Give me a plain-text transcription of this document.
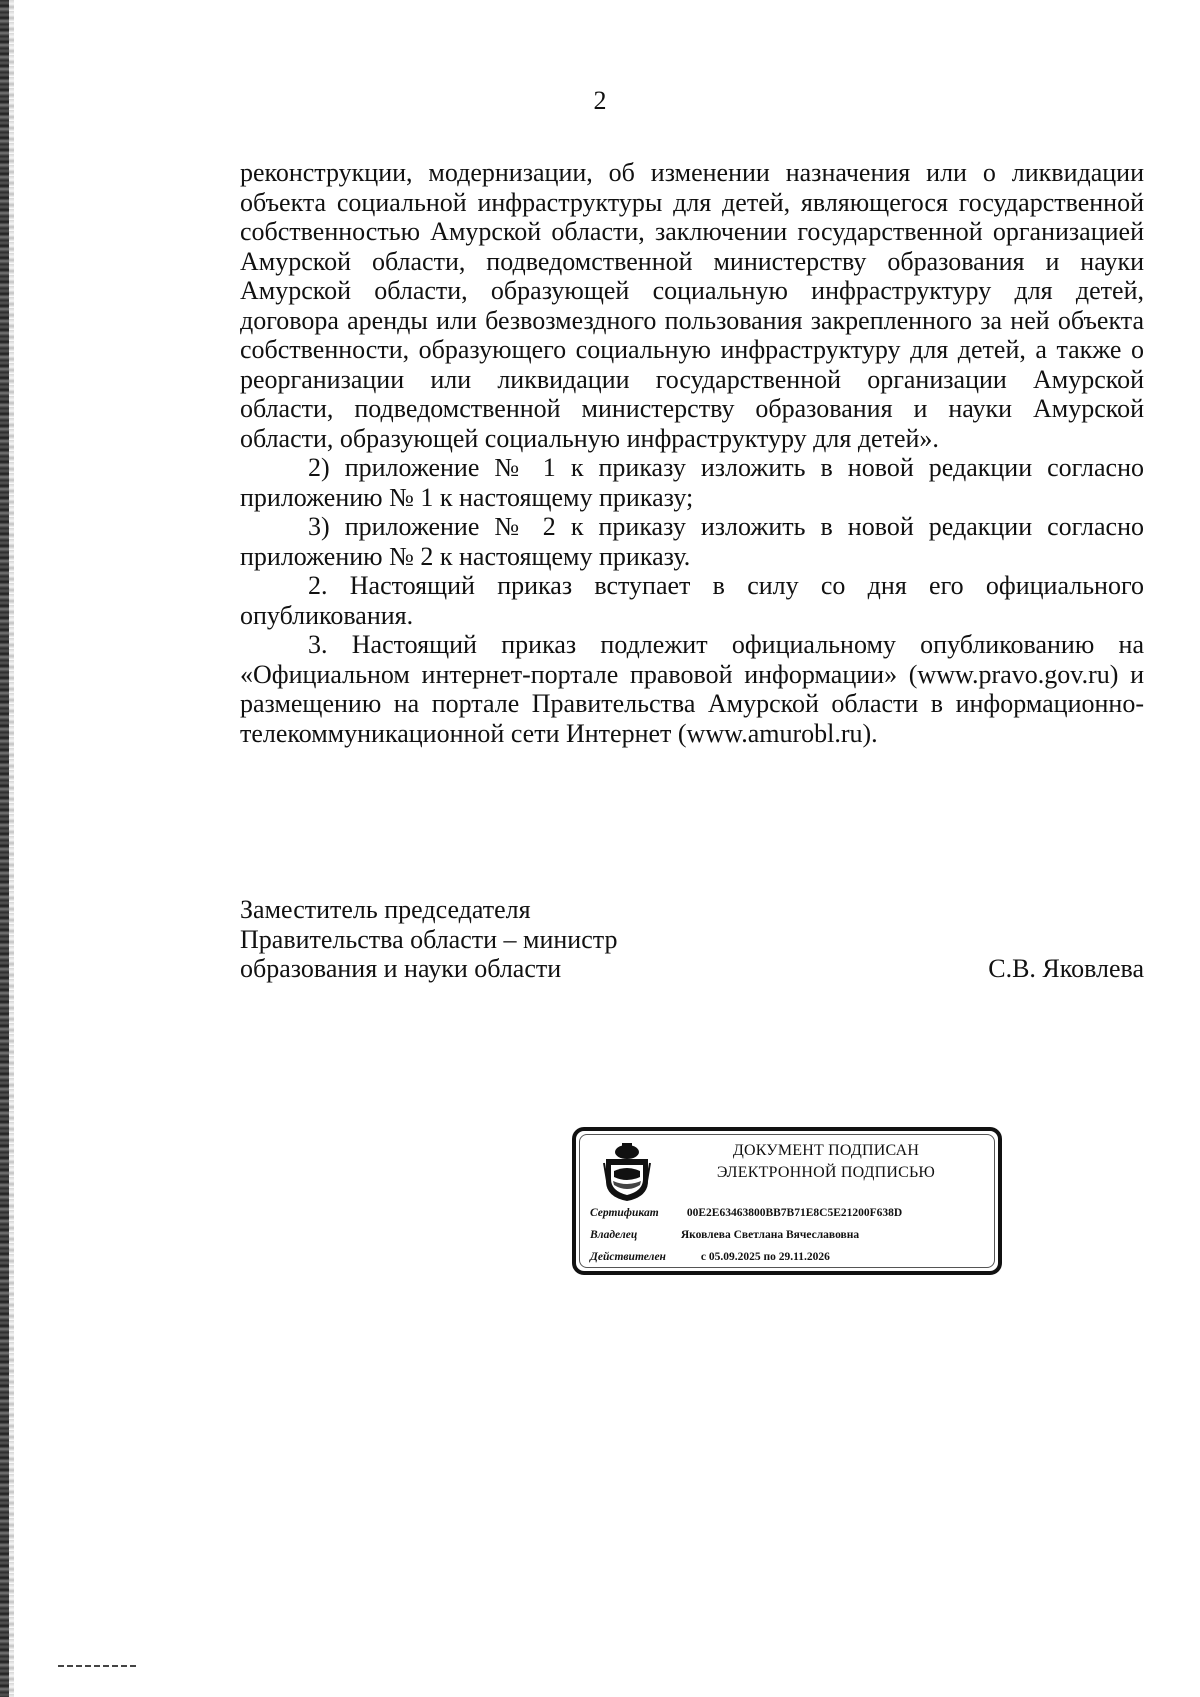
2

реконструкции, модернизации, об изменении назначения или о ликвидации объекта социальной инфраструктуры для детей, являющегося государственной собственностью Амурской области, заключении государственной организацией Амурской области, подведомственной министерству образования и науки Амурской области, образующей социальную инфраструктуру для детей, договора аренды или безвозмездного пользования закрепленного за ней объекта собственности, образующего социальную инфраструктуру для детей, а также о реорганизации или ликвидации государственной организации Амурской области, подведомственной министерству образования и науки Амурской области, образующей социальную инфраструктуру для детей».

2) приложение № 1 к приказу изложить в новой редакции согласно приложению № 1 к настоящему приказу;

3) приложение № 2 к приказу изложить в новой редакции согласно приложению № 2 к настоящему приказу.

2. Настоящий приказ вступает в силу со дня его официального опубликования.

3. Настоящий приказ подлежит официальному опубликованию на «Официальном интернет-портале правовой информации» (www.pravo.gov.ru) и размещению на портале Правительства Амурской области в информационно-телекоммуникационной сети Интернет (www.amurobl.ru).

Заместитель председателя
Правительства области – министр
образования и науки области	С.В. Яковлева
ДОКУМЕНТ ПОДПИСАН
ЭЛЕКТРОННОЙ ПОДПИСЬЮ
Сертификат 00E2E63463800BB7B71E8C5E21200F638D
Владелец	Яковлева Светлана Вячеславовна
Действителен	с 05.09.2025 по 29.11.2026
